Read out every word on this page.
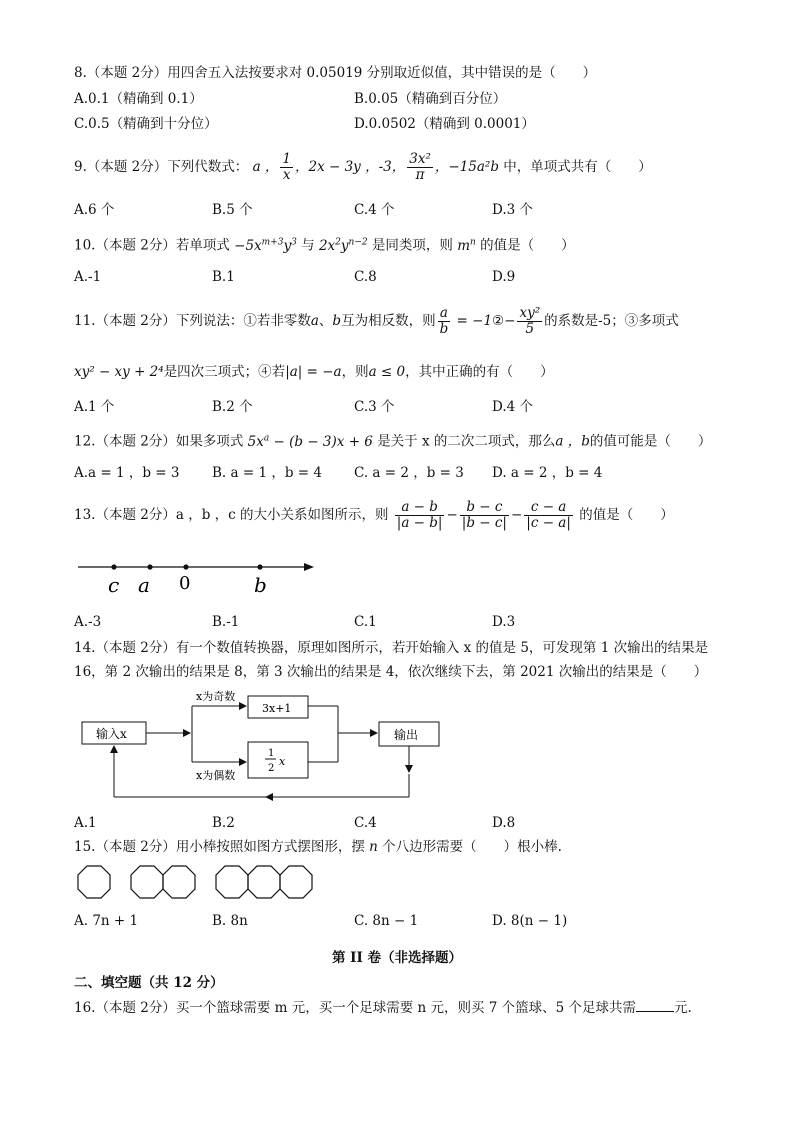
8.（本题 2分）用四舍五入法按要求对 0.05019 分别取近似值，其中错误的是（　　）
A.0.1（精确到 0.1）	B.0.05（精确到百分位）
C.0.5（精确到十分位）	D.0.0502（精确到 0.0001）
9.（本题 2分）下列代数式： a ， $\frac{1}{x}$ ，2x − 3y ，-3， $\frac{\text{3x²}}{\pi}$ ，−15a²b 中，单项式共有（　　）
A.6 个	B.5 个	C.4 个	D.3 个
10.（本题 2分）若单项式 $-5x^{m+3}y^3$ 与 $2x^2y^{n-2}$ 是同类项，则 $m^n$ 的值是（　　）
A.-1	B.1	C.8	D.9
11.（本题 2分）下列说法：①若非零数a、b互为相反数，则 $\frac{a}{b}$ = −1②− $\frac{\text{xy²}}{5}$ 的系数是-5；③多项式
xy² − xy + 2⁴是四次三项式；④若|a| = −a，则a ≤ 0，其中正确的有（　　）
A.1 个	B.2 个	C.3 个	D.4 个
12.（本题 2分）如果多项式 $5x^a - (b - 3)x + 6$ 是关于 x 的二次二项式，那么a ，b的值可能是（　　）
A.a = 1 ，b = 3 B. a = 1 ，b = 4 C. a = 2 ，b = 3 D. a = 2 ，b = 4
13.（本题 2分）a ，b ，c 的大小关系如图所示，则 $\frac{a - b}{|a - b|} - \frac{b - c}{|b - c|} - \frac{c - a}{|c - a|}$ 的值是（　　）
c a 0	b
A.-3	B.-1	C.1	D.3
14.（本题 2分）有一个数值转换器，原理如图所示，若开始输入 x 的值是 5，可发现第 1 次输出的结果是
16，第 2 次输出的结果是 8，第 3 次输出的结果是 4，依次继续下去，第 2021 次输出的结果是（　　）
输入x
x为奇数
x为偶数
3x+1
1
2
x
输出
A.1	B.2	C.4	D.8
15.（本题 2分）用小棒按照如图方式摆图形，摆 n 个八边形需要（　　）根小棒.
A. 7n + 1	B. 8n	C. 8n − 1	D. 8(n − 1)
第 II 卷（非选择题）
二、填空题（共 12 分）
16.（本题 2分）买一个篮球需要 m 元，买一个足球需要 n 元，则买 7 个篮球、5 个足球共需	元.
